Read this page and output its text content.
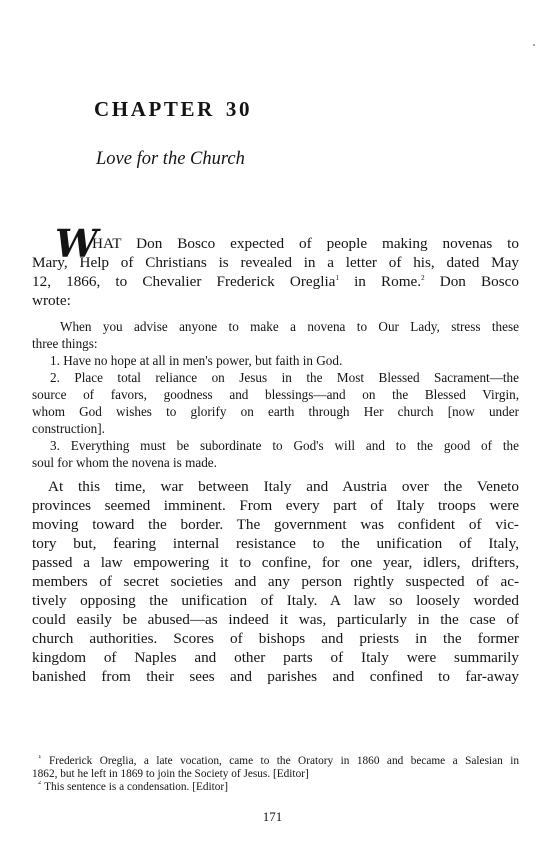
CHAPTER 30
Love for the Church
W
HAT Don Bosco expected of people making novenas to
Mary, Help of Christians is revealed in a letter of his, dated May
12, 1866, to Chevalier Frederick Oreglia$^1$ in Rome.$^2$ Don Bosco
wrote:
When you advise anyone to make a novena to Our Lady, stress these
three things:
1. Have no hope at all in men's power, but faith in God.
2. Place total reliance on Jesus in the Most Blessed Sacrament—the
source of favors, goodness and blessings—and on the Blessed Virgin,
whom God wishes to glorify on earth through Her church [now under
construction].
3. Everything must be subordinate to God's will and to the good of the
soul for whom the novena is made.
At this time, war between Italy and Austria over the Veneto
provinces seemed imminent. From every part of Italy troops were
moving toward the border. The government was confident of vic-
tory but, fearing internal resistance to the unification of Italy,
passed a law empowering it to confine, for one year, idlers, drifters,
members of secret societies and any person rightly suspected of ac-
tively opposing the unification of Italy. A law so loosely worded
could easily be abused—as indeed it was, particularly in the case of
church authorities. Scores of bishops and priests in the former
kingdom of Naples and other parts of Italy were summarily
banished from their sees and parishes and confined to far-away
$^1$ Frederick Oreglia, a late vocation, came to the Oratory in 1860 and became a Salesian in
1862, but he left in 1869 to join the Society of Jesus. [Editor]
$^2$ This sentence is a condensation. [Editor]
171
